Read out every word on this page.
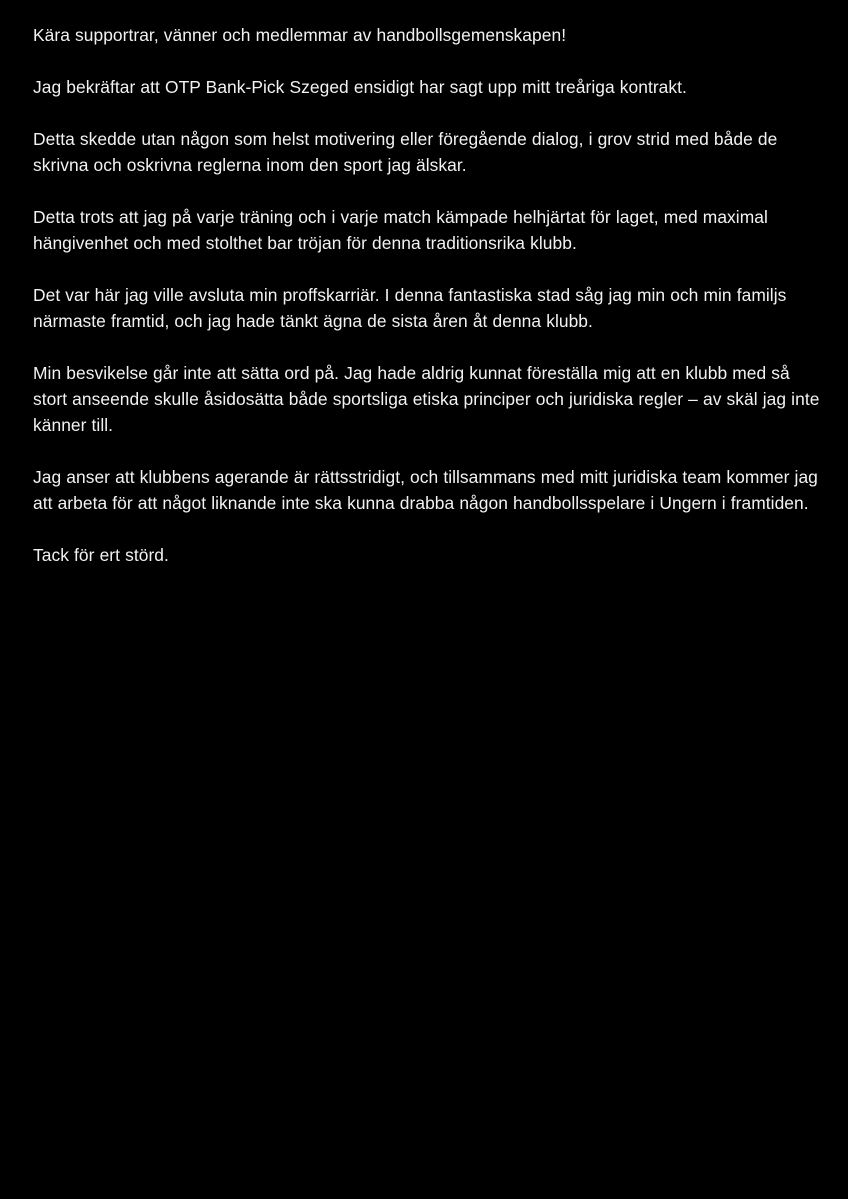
Kära supportrar, vänner och medlemmar av handbollsgemenskapen!

Jag bekräftar att OTP Bank-Pick Szeged ensidigt har sagt upp mitt treåriga kontrakt.

Detta skedde utan någon som helst motivering eller föregående dialog, i grov strid med både de skrivna och oskrivna reglerna inom den sport jag älskar.

Detta trots att jag på varje träning och i varje match kämpade helhjärtat för laget, med maximal hängivenhet och med stolthet bar tröjan för denna traditionsrika klubb.

Det var här jag ville avsluta min proffskarriär. I denna fantastiska stad såg jag min och min familjs närmaste framtid, och jag hade tänkt ägna de sista åren åt denna klubb.

Min besvikelse går inte att sätta ord på. Jag hade aldrig kunnat föreställa mig att en klubb med så stort anseende skulle åsidosätta både sportsliga etiska principer och juridiska regler – av skäl jag inte känner till.

Jag anser att klubbens agerande är rättsstridigt, och tillsammans med mitt juridiska team kommer jag att arbeta för att något liknande inte ska kunna drabba någon handbollsspelare i Ungern i framtiden.

Tack för ert störd.
